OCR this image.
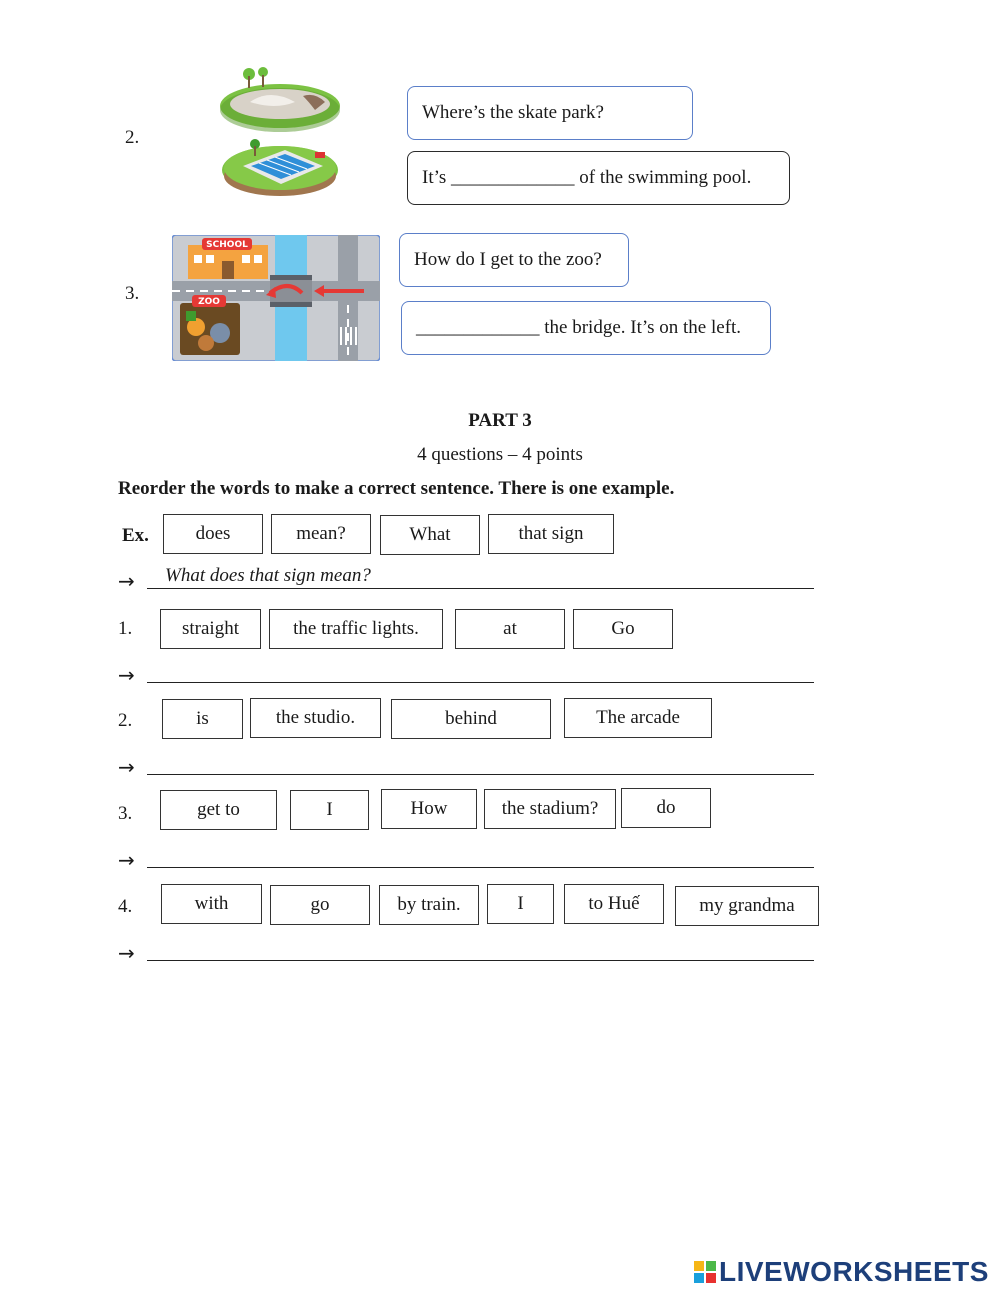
2.
Where’s the skate park?
It’s _____________ of the swimming pool.
3.
SCHOOL
ZOO
How do I get to the zoo?
_____________ the bridge. It’s on the left.
PART 3
4 questions – 4 points
Reorder the words to make a correct sentence. There is one example.
Ex.	does	mean?	What	that sign
→ What does that sign mean?
1.	straight	the traffic lights.	at	Go
→
2.	is	the studio.	behind	The arcade
→
3.	get to	I	How	the stadium?	do
→
4.	with	go	by train.	I	to Huế	my grandma
→
LIVEWORKSHEETS
